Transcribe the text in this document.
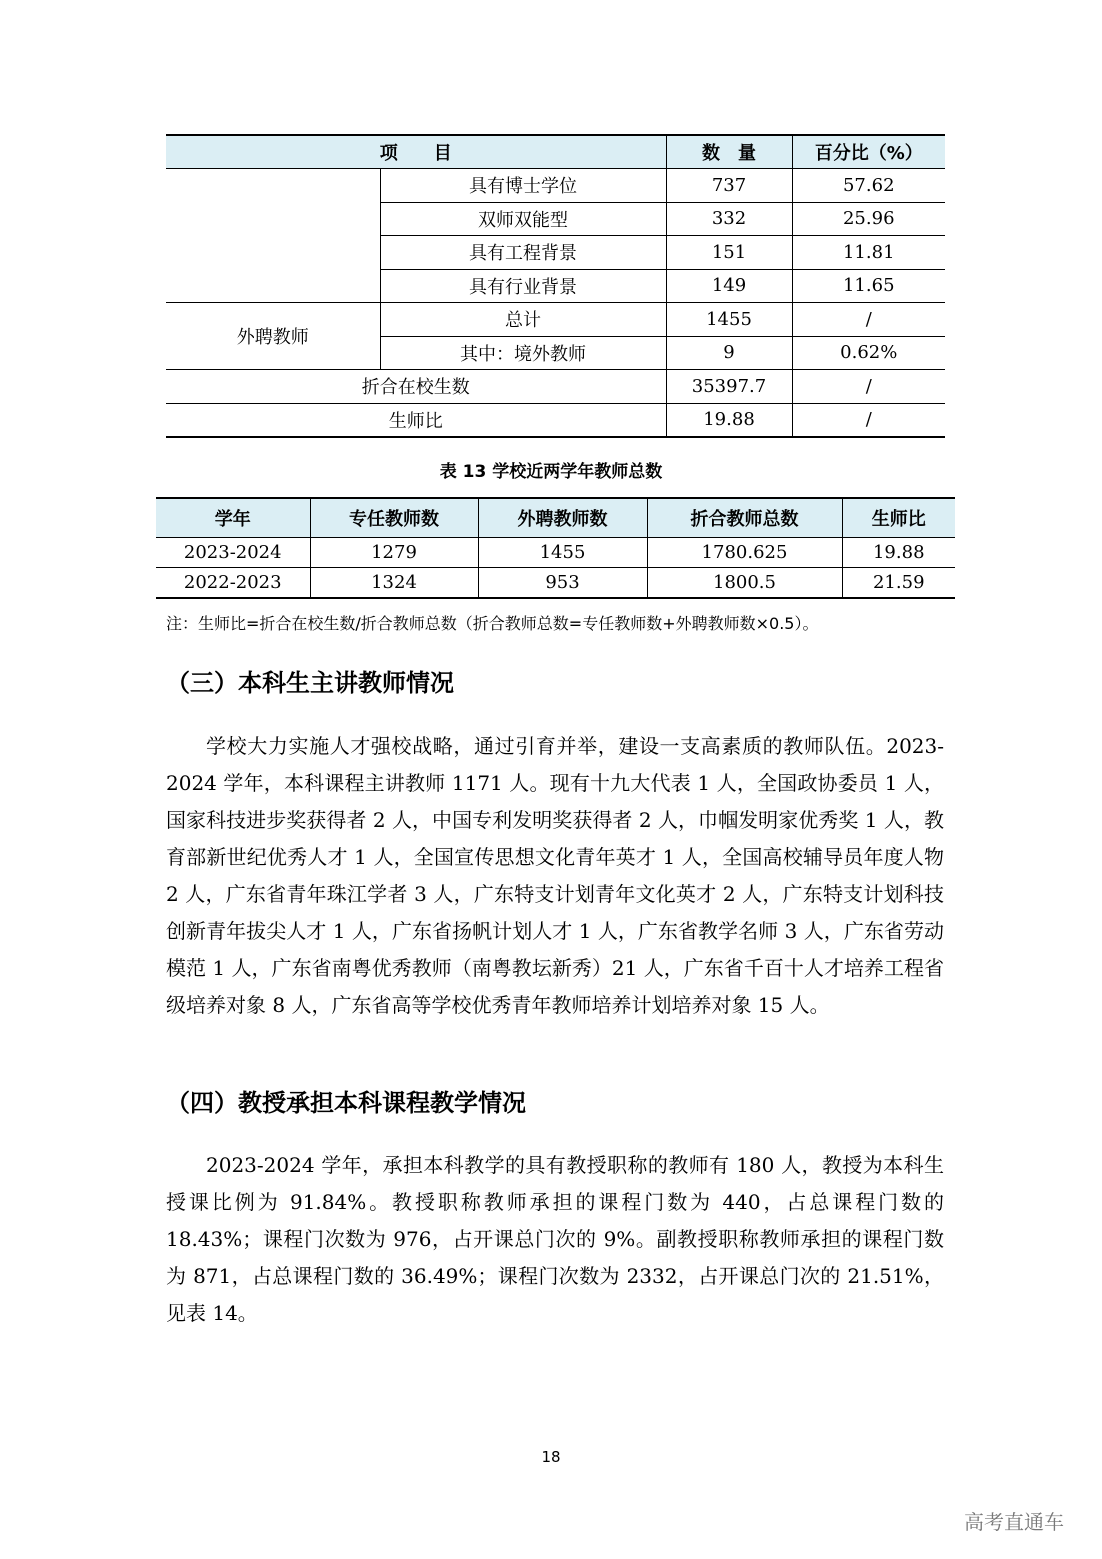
项　　目		数　量	百分比（%）
	具有博士学位	737	57.62
	双师双能型	332	25.96
	具有工程背景	151	11.81
	具有行业背景	149	11.65
外聘教师	总计	1455	/
	其中：境外教师	9	0.62%
折合在校生数		35397.7	/
生师比		19.88	/
表 13 学校近两学年教师总数
学年	专任教师数	外聘教师数	折合教师总数	生师比
2023-2024	1279	1455	1780.625	19.88
2022-2023	1324	953	1800.5	21.59
注：生师比=折合在校生数/折合教师总数（折合教师总数=专任教师数+外聘教师数×0.5）。
（三）本科生主讲教师情况

学校大力实施人才强校战略，通过引育并举，建设一支高素质的教师队伍。2023-2024 学年，本科课程主讲教师 1171 人。现有十九大代表 1 人，全国政协委员 1 人，国家科技进步奖获得者 2 人，中国专利发明奖获得者 2 人，巾帼发明家优秀奖 1 人，教育部新世纪优秀人才 1 人，全国宣传思想文化青年英才 1 人，全国高校辅导员年度人物 2 人，广东省青年珠江学者 3 人，广东特支计划青年文化英才 2 人，广东特支计划科技创新青年拔尖人才 1 人，广东省扬帆计划人才 1 人，广东省教学名师 3 人，广东省劳动模范 1 人，广东省南粤优秀教师（南粤教坛新秀）21 人，广东省千百十人才培养工程省级培养对象 8 人，广东省高等学校优秀青年教师培养计划培养对象 15 人。

（四）教授承担本科课程教学情况

2023-2024 学年，承担本科教学的具有教授职称的教师有 180 人，教授为本科生授课比例为 91.84%。教授职称教师承担的课程门数为 440，占总课程门数的 18.43%；课程门次数为 976，占开课总门次的 9%。副教授职称教师承担的课程门数为 871，占总课程门数的 36.49%；课程门次数为 2332，占开课总门次的 21.51%，见表 14。

18
高考直通车
